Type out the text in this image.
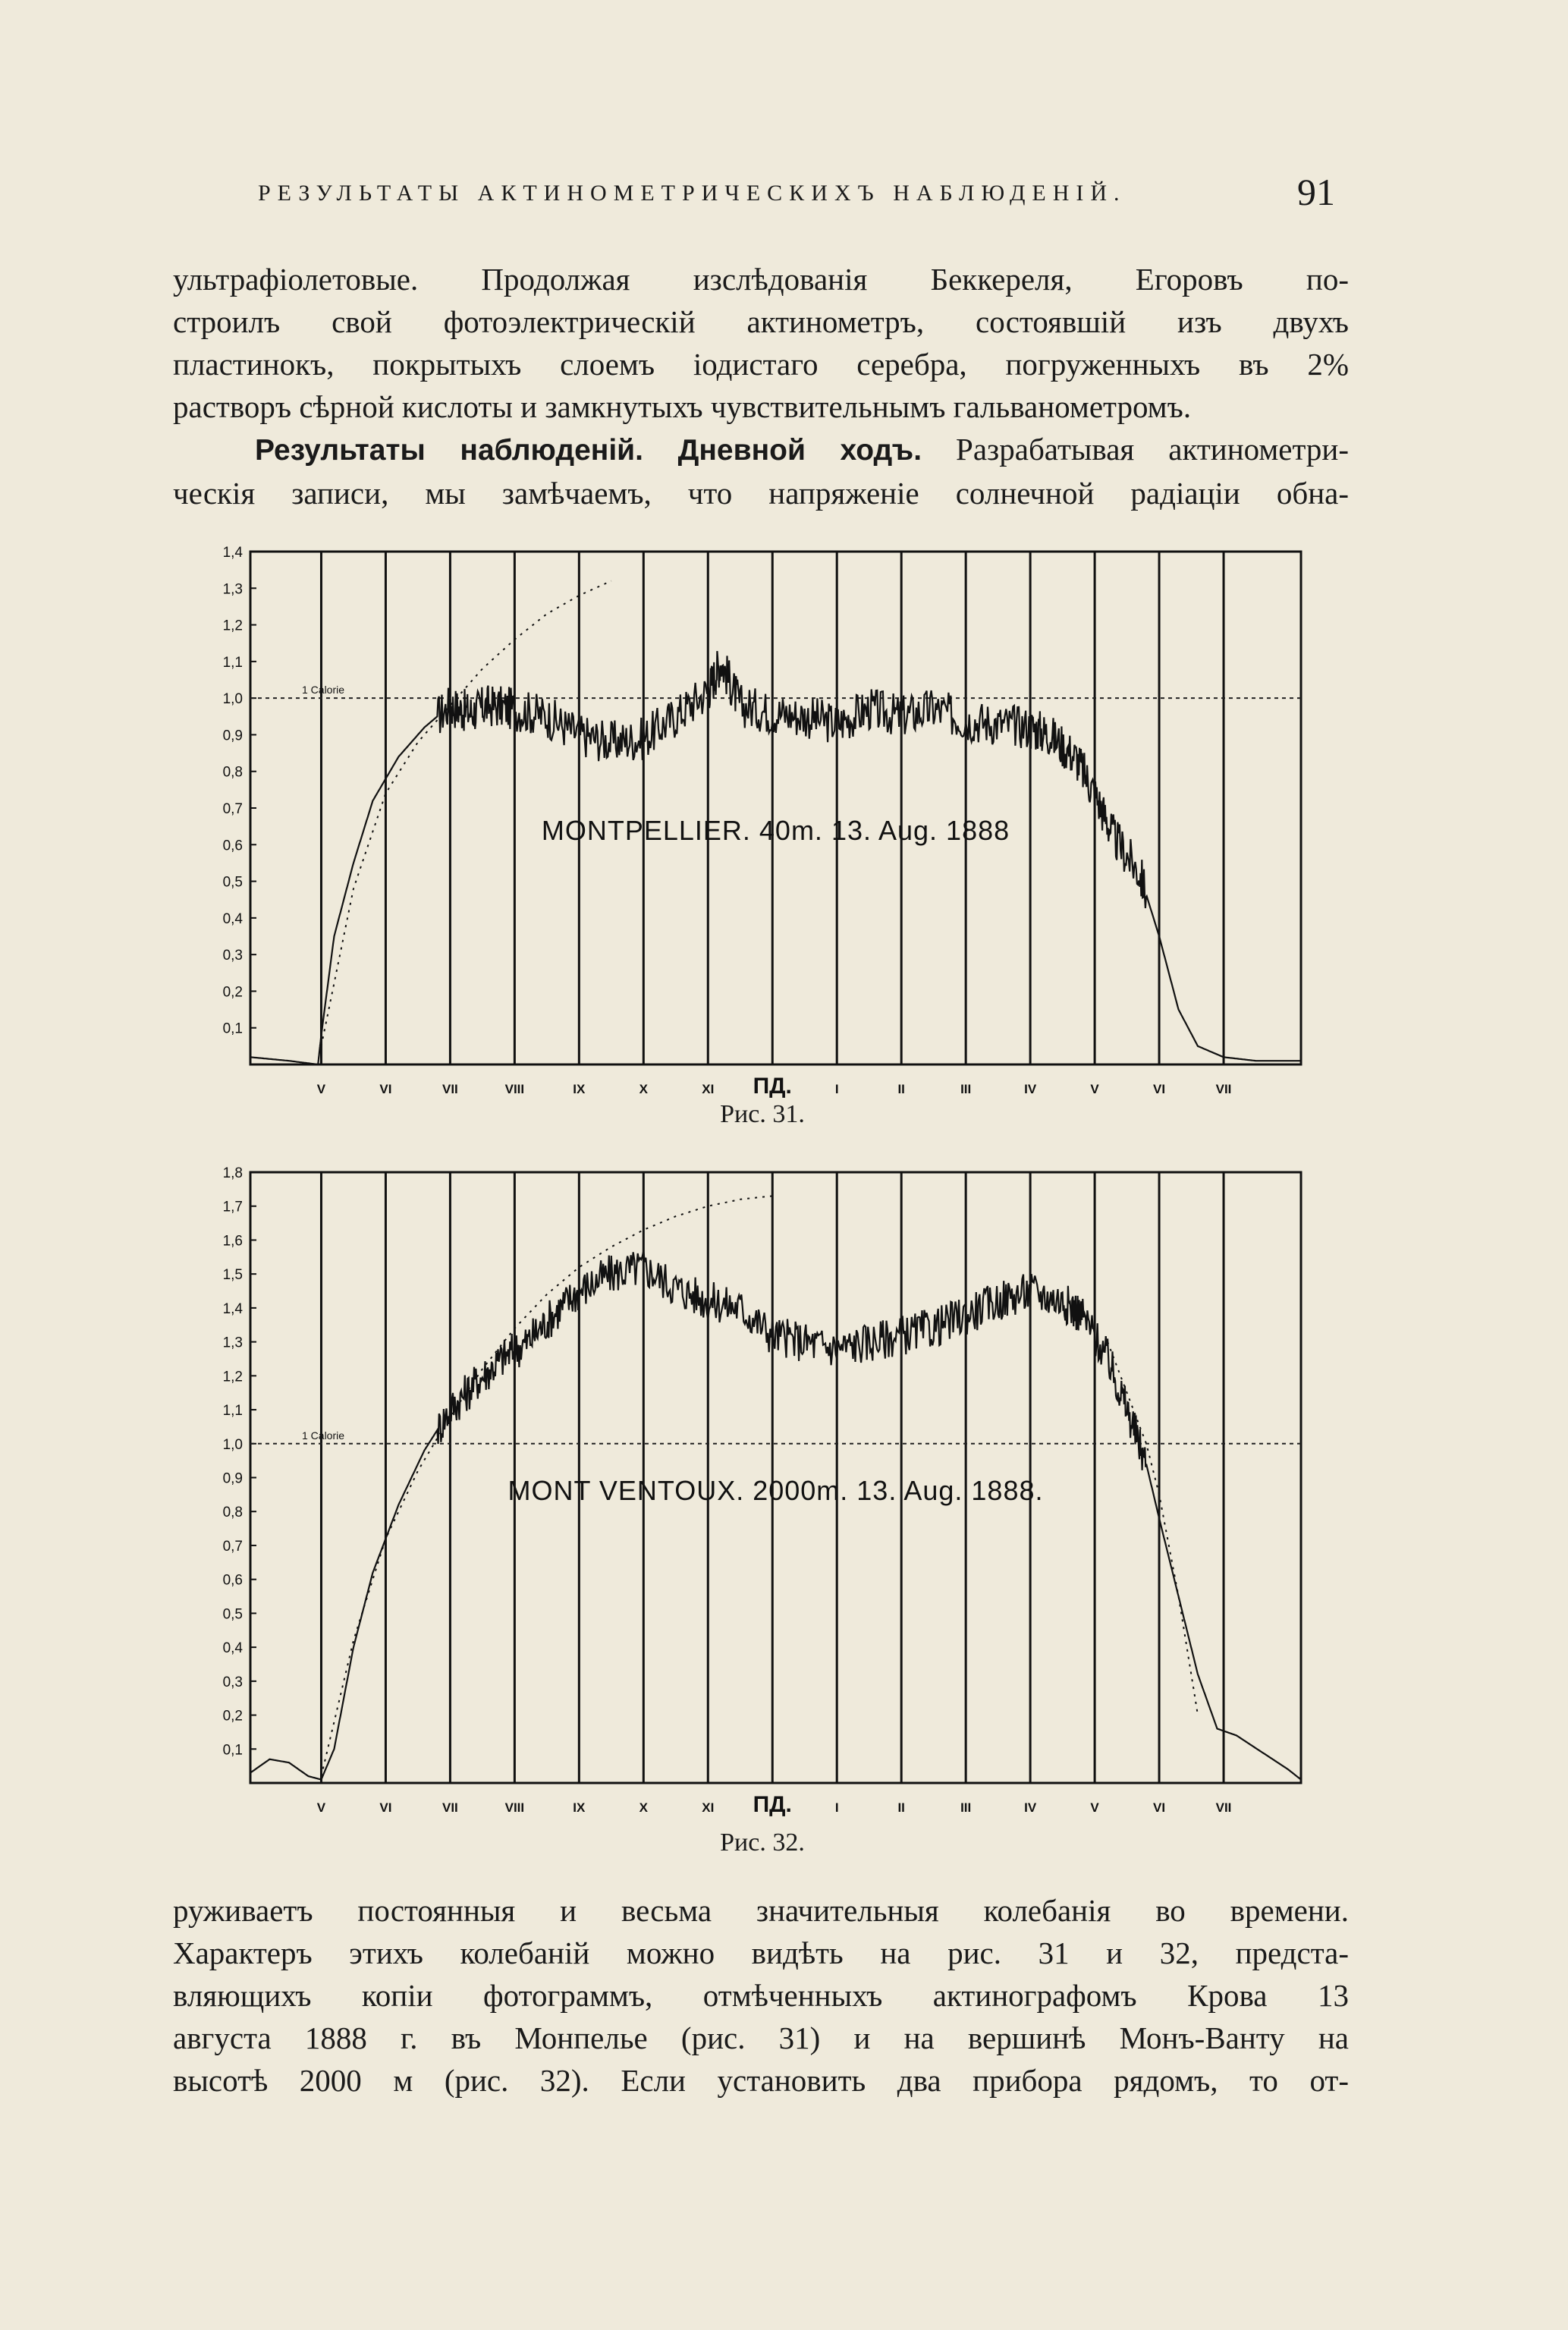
РЕЗУЛЬТАТЫ АКТИНОМЕТРИЧЕСКИХЪ НАБЛЮДЕНІЙ.	91
ультрафіолетовые. Продолжая изслѣдованія Беккереля, Егоровъ по-
строилъ свой фотоэлектрическій актинометръ, состоявшій изъ двухъ
пластинокъ, покрытыхъ слоемъ іодистаго серебра, погруженныхъ въ 2%
растворъ сѣрной кислоты и замкнутыхъ чувствительнымъ гальванометромъ.
Результаты наблюденій. Дневной ходъ. Разрабатывая актинометри-
ческія записи, мы замѣчаемъ, что напряженіе солнечной радіаціи обна-
V	VI	VII	VIII	IX	X	XI ПД.	I	II	III	IV	V	VI	VII
0,1
0,2
0,3
0,4
0,5
0,6
0,7
0,8
0,9
1,0
1,1
1,2
1,3
1,4
1 Calorie
MONTPELLIER. 40m. 13. Aug. 1888
V	VI	VII	VIII	IX	X	XI ПД.	I	II	III	IV	V	VI	VII
0,1
0,2
0,3
0,4
0,5
0,6
0,7
0,8
0,9
1,0
1,1
1,2
1,3
1,4
1,5
1,6
1,7
1,8
1 Calorie
MONT VENTOUX. 2000m. 13. Aug. 1888.
Рис. 31.
Рис. 32.
руживаетъ постоянныя и весьма значительныя колебанія во времени.
Характеръ этихъ колебаній можно видѣть на рис. 31 и 32, предста-
вляющихъ копіи фотограммъ, отмѣченныхъ актинографомъ Крова 13
августа 1888 г. въ Монпелье (рис. 31) и на вершинѣ Монъ-Ванту на
высотѣ 2000 м (рис. 32). Если установить два прибора рядомъ, то от-
